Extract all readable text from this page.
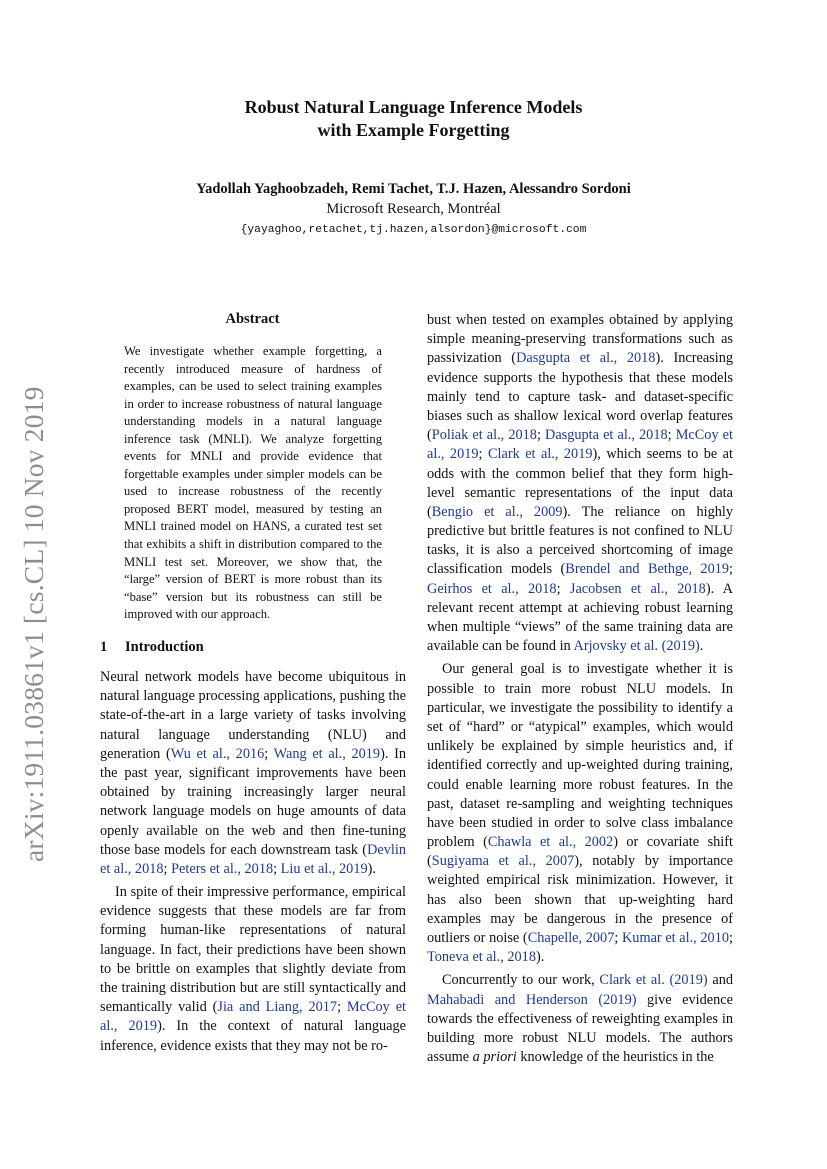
arXiv:1911.03861v1 [cs.CL] 10 Nov 2019
Robust Natural Language Inference Models
with Example Forgetting
Yadollah Yaghoobzadeh, Remi Tachet, T.J. Hazen, Alessandro Sordoni
Microsoft Research, Montréal
{yayaghoo,retachet,tj.hazen,alsordon}@microsoft.com
Abstract

We investigate whether example forgetting, a recently introduced measure of hardness of examples, can be used to select training examples in order to increase robustness of natural language understanding models in a natural language inference task (MNLI). We analyze forgetting events for MNLI and provide evidence that forgettable examples under simpler models can be used to increase robustness of the recently proposed BERT model, measured by testing an MNLI trained model on HANS, a curated test set that exhibits a shift in distribution compared to the MNLI test set. Moreover, we show that, the “large” version of BERT is more robust than its “base” version but its robustness can still be improved with our approach.

1 Introduction

Neural network models have become ubiquitous in natural language processing applications, pushing the state-of-the-art in a large variety of tasks involving natural language understanding (NLU) and generation (Wu et al., 2016; Wang et al., 2019). In the past year, significant improvements have been obtained by training increasingly larger neural network language models on huge amounts of data openly available on the web and then fine-tuning those base models for each downstream task (Devlin et al., 2018; Peters et al., 2018; Liu et al., 2019).

In spite of their impressive performance, empirical evidence suggests that these models are far from forming human-like representations of natural language. In fact, their predictions have been shown to be brittle on examples that slightly deviate from the training distribution but are still syntactically and semantically valid (Jia and Liang, 2017; McCoy et al., 2019). In the context of natural language inference, evidence exists that they may not be ro-

bust when tested on examples obtained by applying simple meaning-preserving transformations such as passivization (Dasgupta et al., 2018). Increasing evidence supports the hypothesis that these models mainly tend to capture task- and dataset-specific biases such as shallow lexical word overlap features (Poliak et al., 2018; Dasgupta et al., 2018; McCoy et al., 2019; Clark et al., 2019), which seems to be at odds with the common belief that they form high-level semantic representations of the input data (Bengio et al., 2009). The reliance on highly predictive but brittle features is not confined to NLU tasks, it is also a perceived shortcoming of image classification models (Brendel and Bethge, 2019; Geirhos et al., 2018; Jacobsen et al., 2018). A relevant recent attempt at achieving robust learning when multiple “views” of the same training data are available can be found in Arjovsky et al. (2019).

Our general goal is to investigate whether it is possible to train more robust NLU models. In particular, we investigate the possibility to identify a set of “hard” or “atypical” examples, which would unlikely be explained by simple heuristics and, if identified correctly and up-weighted during training, could enable learning more robust features. In the past, dataset re-sampling and weighting techniques have been studied in order to solve class imbalance problem (Chawla et al., 2002) or covariate shift (Sugiyama et al., 2007), notably by importance weighted empirical risk minimization. However, it has also been shown that up-weighting hard examples may be dangerous in the presence of outliers or noise (Chapelle, 2007; Kumar et al., 2010; Toneva et al., 2018).

Concurrently to our work, Clark et al. (2019) and Mahabadi and Henderson (2019) give evidence towards the effectiveness of reweighting examples in building more robust NLU models. The authors assume a priori knowledge of the heuristics in the
